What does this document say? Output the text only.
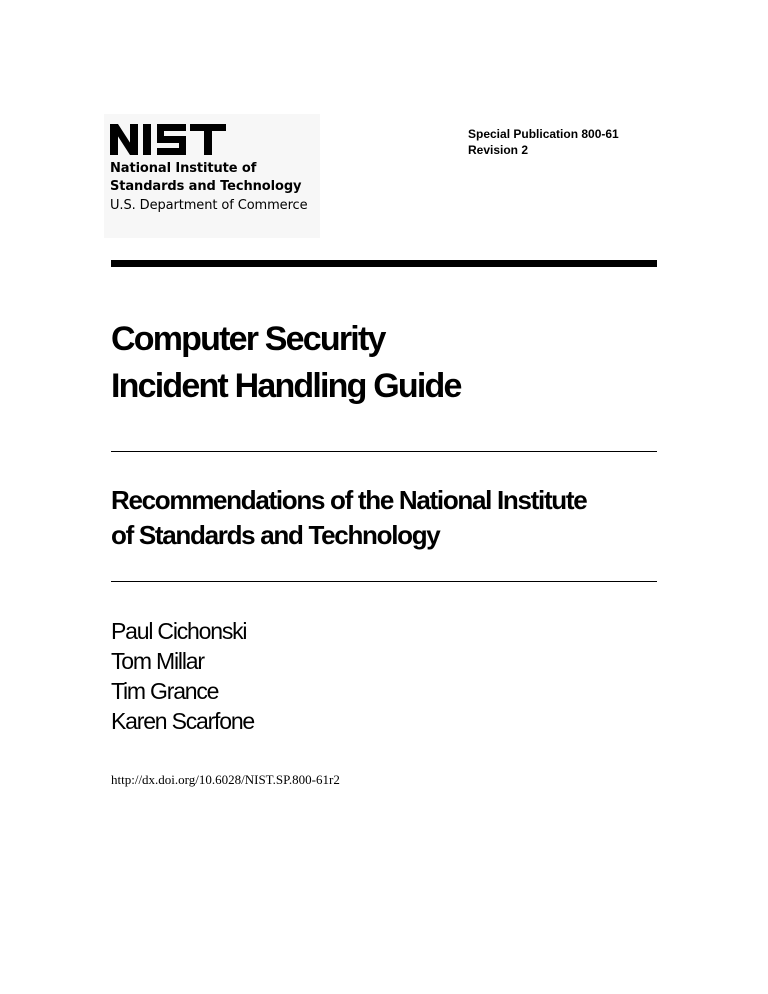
National Institute of
Standards and Technology
U.S. Department of Commerce
Special Publication 800-61
Revision 2
Computer Security
Incident Handling Guide
Recommendations of the National Institute
of Standards and Technology
Paul Cichonski
Tom Millar
Tim Grance
Karen Scarfone
http://dx.doi.org/10.6028/NIST.SP.800-61r2
